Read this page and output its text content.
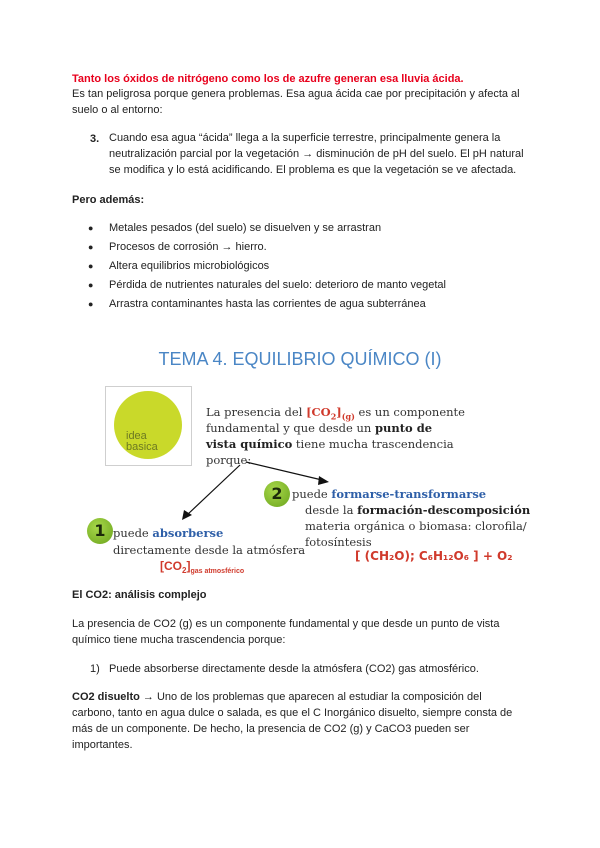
Tanto los óxidos de nitrógeno como los de azufre generan esa lluvia ácida.
Es tan peligrosa porque genera problemas. Esa agua ácida cae por precipitación y afecta al
suelo o al entorno:
3. Cuando esa agua “ácida” llega a la superficie terrestre, principalmente genera la
neutralización parcial por la vegetación → disminución de pH del suelo. El pH natural
se modifica y lo está acidificando. El problema es que la vegetación se ve afectada.
Pero además:
● Metales pesados (del suelo) se disuelven y se arrastran
● Procesos de corrosión → hierro.
● Altera equilibrios microbiológicos
● Pérdida de nutrientes naturales del suelo: deterioro de manto vegetal
● Arrastra contaminantes hasta las corrientes de agua subterránea
TEMA 4. EQUILIBRIO QUÍMICO (I)
idea
basica
La presencia del $[CO_2]_{(g)}$ es un componente
fundamental y que desde un punto de
vista químico tiene mucha trascendencia
porque:
2 puede formarse-transformarse
desde la formación-descomposición
materia orgánica o biomasa: clorofila/
fotosíntesis
[ (CH₂O); C₆H₁₂O₆ ] + O₂
1 puede absorberse
directamente desde la atmósfera
$[CO_2]_{gas atmosférico}$
El CO2: análisis complejo
La presencia de CO2 (g) es un componente fundamental y que desde un punto de vista
químico tiene mucha trascendencia porque:
1) Puede absorberse directamente desde la atmósfera (CO2) gas atmosférico.
CO2 disuelto → Uno de los problemas que aparecen al estudiar la composición del
carbono, tanto en agua dulce o salada, es que el C Inorgánico disuelto, siempre consta de
más de un componente. De hecho, la presencia de CO2 (g) y CaCO3 pueden ser
importantes.
